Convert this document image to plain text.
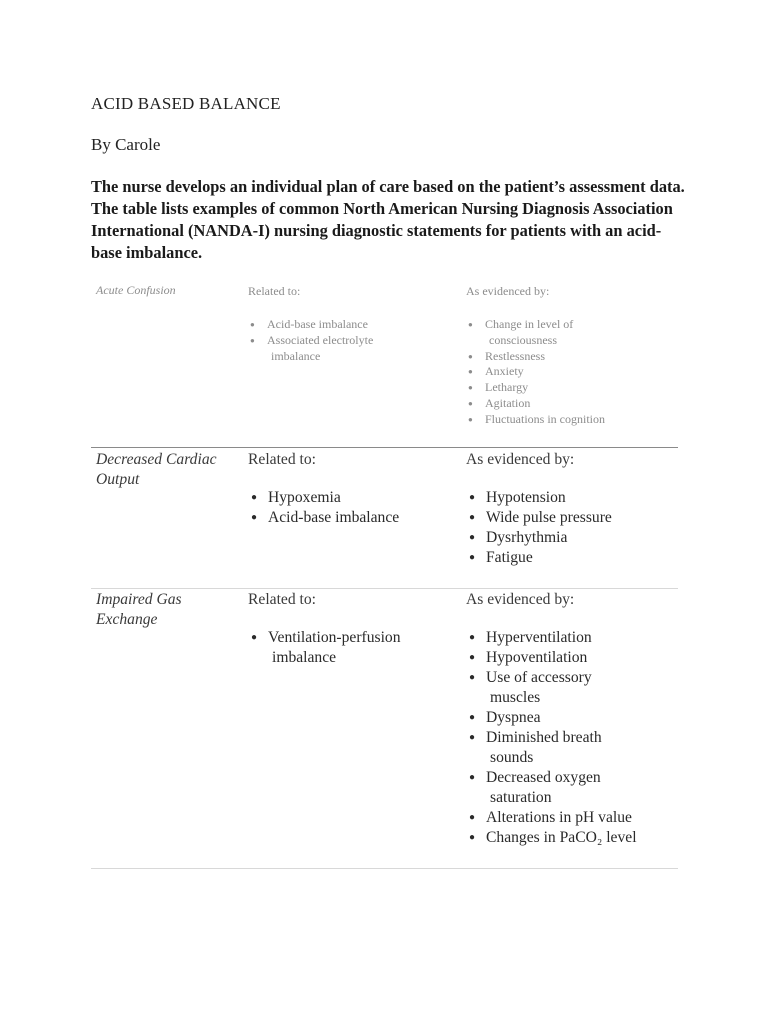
ACID BASED BALANCE

By Carole

The nurse develops an individual plan of care based on the patient’s assessment data. The table lists examples of common North American Nursing Diagnosis Association International (NANDA-I) nursing diagnostic statements for patients with an acid-base imbalance.

Acute Confusion	Related to:
● Acid-base imbalance
● Associated electrolyte
imbalance
As evidenced by:
● Change in level of
consciousness
● Restlessness
● Anxiety
● Lethargy
● Agitation
● Fluctuations in cognition
Decreased Cardiac Output
Related to:
● Hypoxemia
● Acid-base imbalance
As evidenced by:
● Hypotension
● Wide pulse pressure
● Dysrhythmia
● Fatigue
Impaired Gas Exchange
Related to:
● Ventilation-perfusion
imbalance
As evidenced by:
● Hyperventilation
● Hypoventilation
● Use of accessory
muscles
● Dyspnea
● Diminished breath
sounds
● Decreased oxygen
saturation
● Alterations in pH value
● Changes in PaCO₂ level
